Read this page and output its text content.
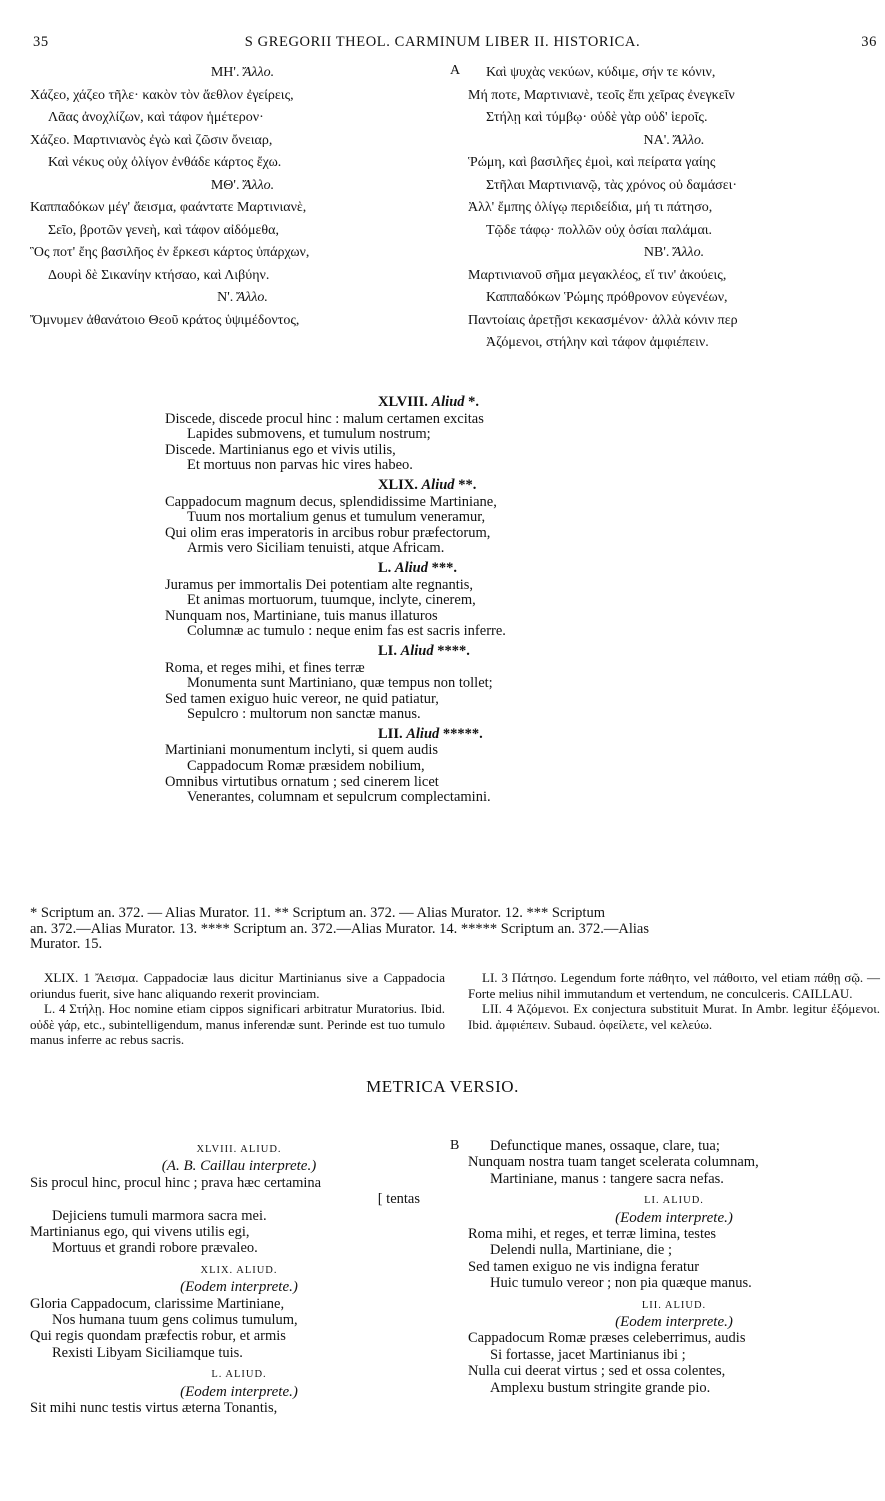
35	S GREGORII THEOL. CARMINUM LIBER II. HISTORICA.	36
A
B
ΜΗ'. Ἄλλο.
Χάζεο, χάζεο τῆλε· κακὸν τὸν ἄεθλον ἐγείρεις,
Λᾶας ἀνοχλίζων, καὶ τάφον ἡμέτερον·
Χάζεο. Μαρτινιανὸς ἐγὼ καὶ ζῶσιν ὄνειαρ,
Καὶ νέκυς οὐχ ὀλίγον ἐνθάδε κάρτος ἔχω.
ΜΘ'. Ἄλλο.
Καππαδόκων μέγ' ἄεισμα, φαάντατε Μαρτινιανὲ,
Σεῖο, βροτῶν γενεὴ, καὶ τάφον αἰδόμεθα,
Ὃς ποτ' ἔης βασιλῆος ἐν ἕρκεσι κάρτος ὑπάρχων,
Δουρὶ δὲ Σικανίην κτήσαο, καὶ Λιβύην.
Ν'. Ἄλλο.
Ὄμνυμεν ἀθανάτοιο Θεοῦ κράτος ὑψιμέδοντος,
Καὶ ψυχὰς νεκύων, κύδιμε, σήν τε κόνιν,
Μή ποτε, Μαρτινιανὲ, τεοῖς ἔπι χεῖρας ἐνεγκεῖν
Στήλῃ καὶ τύμβῳ· οὐδὲ γὰρ οὐδ' ἱεροῖς.
ΝΑ'. Ἄλλο.
Ῥώμη, καὶ βασιλῆες ἐμοὶ, καὶ πείρατα γαίης
Στῆλαι Μαρτινιανῷ, τὰς χρόνος οὐ δαμάσει·
Ἀλλ' ἔμπης ὀλίγῳ περιδείδια, μή τι πάτησο,
Τῷδε τάφῳ· πολλῶν οὐχ ὁσίαι παλάμαι.
ΝΒ'. Ἄλλο.
Μαρτινιανοῦ σῆμα μεγακλέος, εἴ τιν' ἀκούεις,
Καππαδόκων Ῥώμης πρόθρονον εὐγενέων,
Παντοίαις ἀρετῇσι κεκασμένον· ἀλλὰ κόνιν περ
Ἀζόμενοι, στήλην καὶ τάφον ἀμφιέπειν.
XLVIII. Aliud *.
Discede, discede procul hinc : malum certamen excitas
Lapides submovens, et tumulum nostrum;
Discede. Martinianus ego et vivis utilis,
Et mortuus non parvas hic vires habeo.
XLIX. Aliud **.
Cappadocum magnum decus, splendidissime Martiniane,
Tuum nos mortalium genus et tumulum veneramur,
Qui olim eras imperatoris in arcibus robur præfectorum,
Armis vero Siciliam tenuisti, atque Africam.
L. Aliud ***.
Juramus per immortalis Dei potentiam alte regnantis,
Et animas mortuorum, tuumque, inclyte, cinerem,
Nunquam nos, Martiniane, tuis manus illaturos
Columnæ ac tumulo : neque enim fas est sacris inferre.
LI. Aliud ****.
Roma, et reges mihi, et fines terræ
Monumenta sunt Martiniano, quæ tempus non tollet;
Sed tamen exiguo huic vereor, ne quid patiatur,
Sepulcro : multorum non sanctæ manus.
LII. Aliud *****.
Martiniani monumentum inclyti, si quem audis
Cappadocum Romæ præsidem nobilium,
Omnibus virtutibus ornatum ; sed cinerem licet
Venerantes, columnam et sepulcrum complectamini.
* Scriptum an. 372. — Alias Murator. 11. ** Scriptum an. 372. — Alias Murator. 12. *** Scriptum
an. 372.—Alias Murator. 13. **** Scriptum an. 372.—Alias Murator. 14. ***** Scriptum an. 372.—Alias
Murator. 15.

XLIX. 1 Ἄεισμα. Cappadociæ laus dicitur Martinianus sive a Cappadocia oriundus fuerit, sive hanc aliquando rexerit provinciam.

L. 4 Στήλῃ. Hoc nomine etiam cippos significari arbitratur Muratorius. Ibid. οὐδὲ γάρ, etc., subintelligendum, manus inferendæ sunt. Perinde est tuo tumulo manus inferre ac rebus sacris.

LI. 3 Πάτησο. Legendum forte πάθητο, vel πάθοιτο, vel etiam πάθῃ σῷ. — Forte melius nihil immutandum et vertendum, ne conculceris. CAILLAU.

LII. 4 Ἀζόμενοι. Ex conjectura substituit Murat. In Ambr. legitur ἐξόμενοι. Ibid. ἀμφιέπειν. Subaud. ὀφείλετε, vel κελεύω.

METRICA VERSIO.
XLVIII. ALIUD.
(A. B. Caillau interprete.)
Sis procul hinc, procul hinc ; prava hæc certamina
[ tentas
Dejiciens tumuli marmora sacra mei.
Martinianus ego, qui vivens utilis egi,
Mortuus et grandi robore prævaleo.
XLIX. ALIUD.
(Eodem interprete.)
Gloria Cappadocum, clarissime Martiniane,
Nos humana tuum gens colimus tumulum,
Qui regis quondam præfectis robur, et armis
Rexisti Libyam Siciliamque tuis.
L. ALIUD.
(Eodem interprete.)
Sit mihi nunc testis virtus æterna Tonantis,
Defunctique manes, ossaque, clare, tua;
Nunquam nostra tuam tanget scelerata columnam,
Martiniane, manus : tangere sacra nefas.
LI. ALIUD.
(Eodem interprete.)
Roma mihi, et reges, et terræ limina, testes
Delendi nulla, Martiniane, die ;
Sed tamen exiguo ne vis indigna feratur
Huic tumulo vereor ; non pia quæque manus.
LII. ALIUD.
(Eodem interprete.)
Cappadocum Romæ præses celeberrimus, audis
Si fortasse, jacet Martinianus ibi ;
Nulla cui deerat virtus ; sed et ossa colentes,
Amplexu bustum stringite grande pio.
